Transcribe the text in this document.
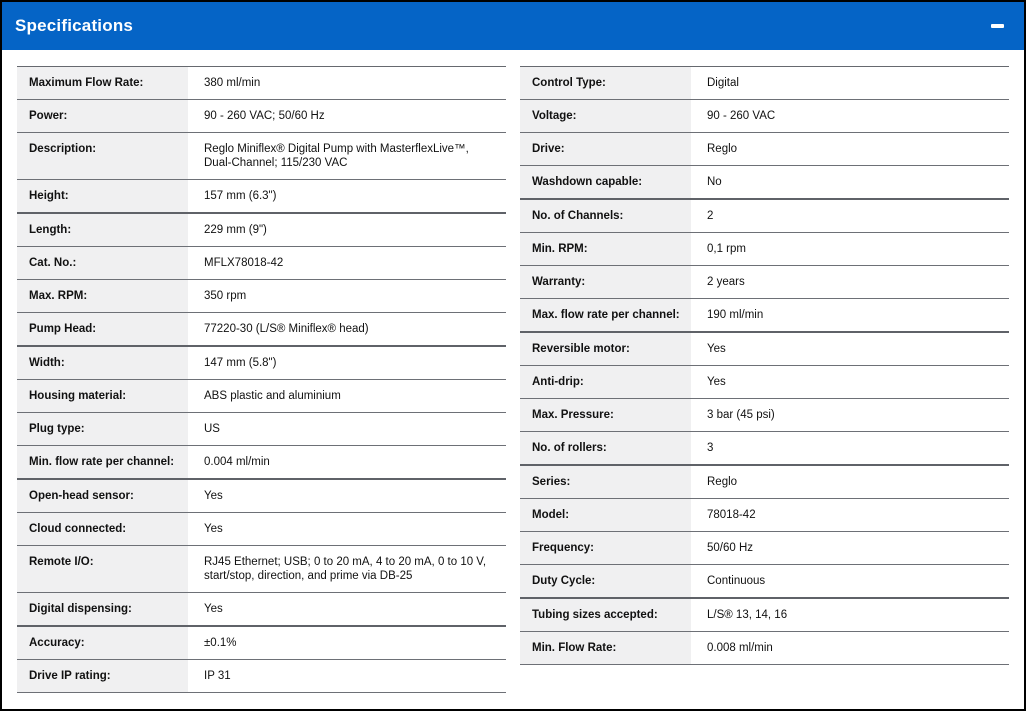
Specifications
Maximum Flow Rate:	380 ml/min
Power:	90 - 260 VAC; 50/60 Hz
Description:	Reglo Miniflex® Digital Pump with MasterflexLive™, Dual-Channel; 115/230 VAC
Height:	157 mm (6.3")
Length:	229 mm (9")
Cat. No.:	MFLX78018-42
Max. RPM:	350 rpm
Pump Head:	77220-30 (L/S® Miniflex® head)
Width:	147 mm (5.8")
Housing material:	ABS plastic and aluminium
Plug type:	US
Min. flow rate per channel:	0.004 ml/min
Open-head sensor:	Yes
Cloud connected:	Yes
Remote I/O:	RJ45 Ethernet; USB; 0 to 20 mA, 4 to 20 mA, 0 to 10 V, start/stop, direction, and prime via DB-25
Digital dispensing:	Yes
Accuracy:	±0.1%
Drive IP rating:	IP 31
Control Type:	Digital
Voltage:	90 - 260 VAC
Drive:	Reglo
Washdown capable:	No
No. of Channels:	2
Min. RPM:	0,1 rpm
Warranty:	2 years
Max. flow rate per channel:	190 ml/min
Reversible motor:	Yes
Anti-drip:	Yes
Max. Pressure:	3 bar (45 psi)
No. of rollers:	3
Series:	Reglo
Model:	78018-42
Frequency:	50/60 Hz
Duty Cycle:	Continuous
Tubing sizes accepted:	L/S® 13, 14, 16
Min. Flow Rate:	0.008 ml/min
